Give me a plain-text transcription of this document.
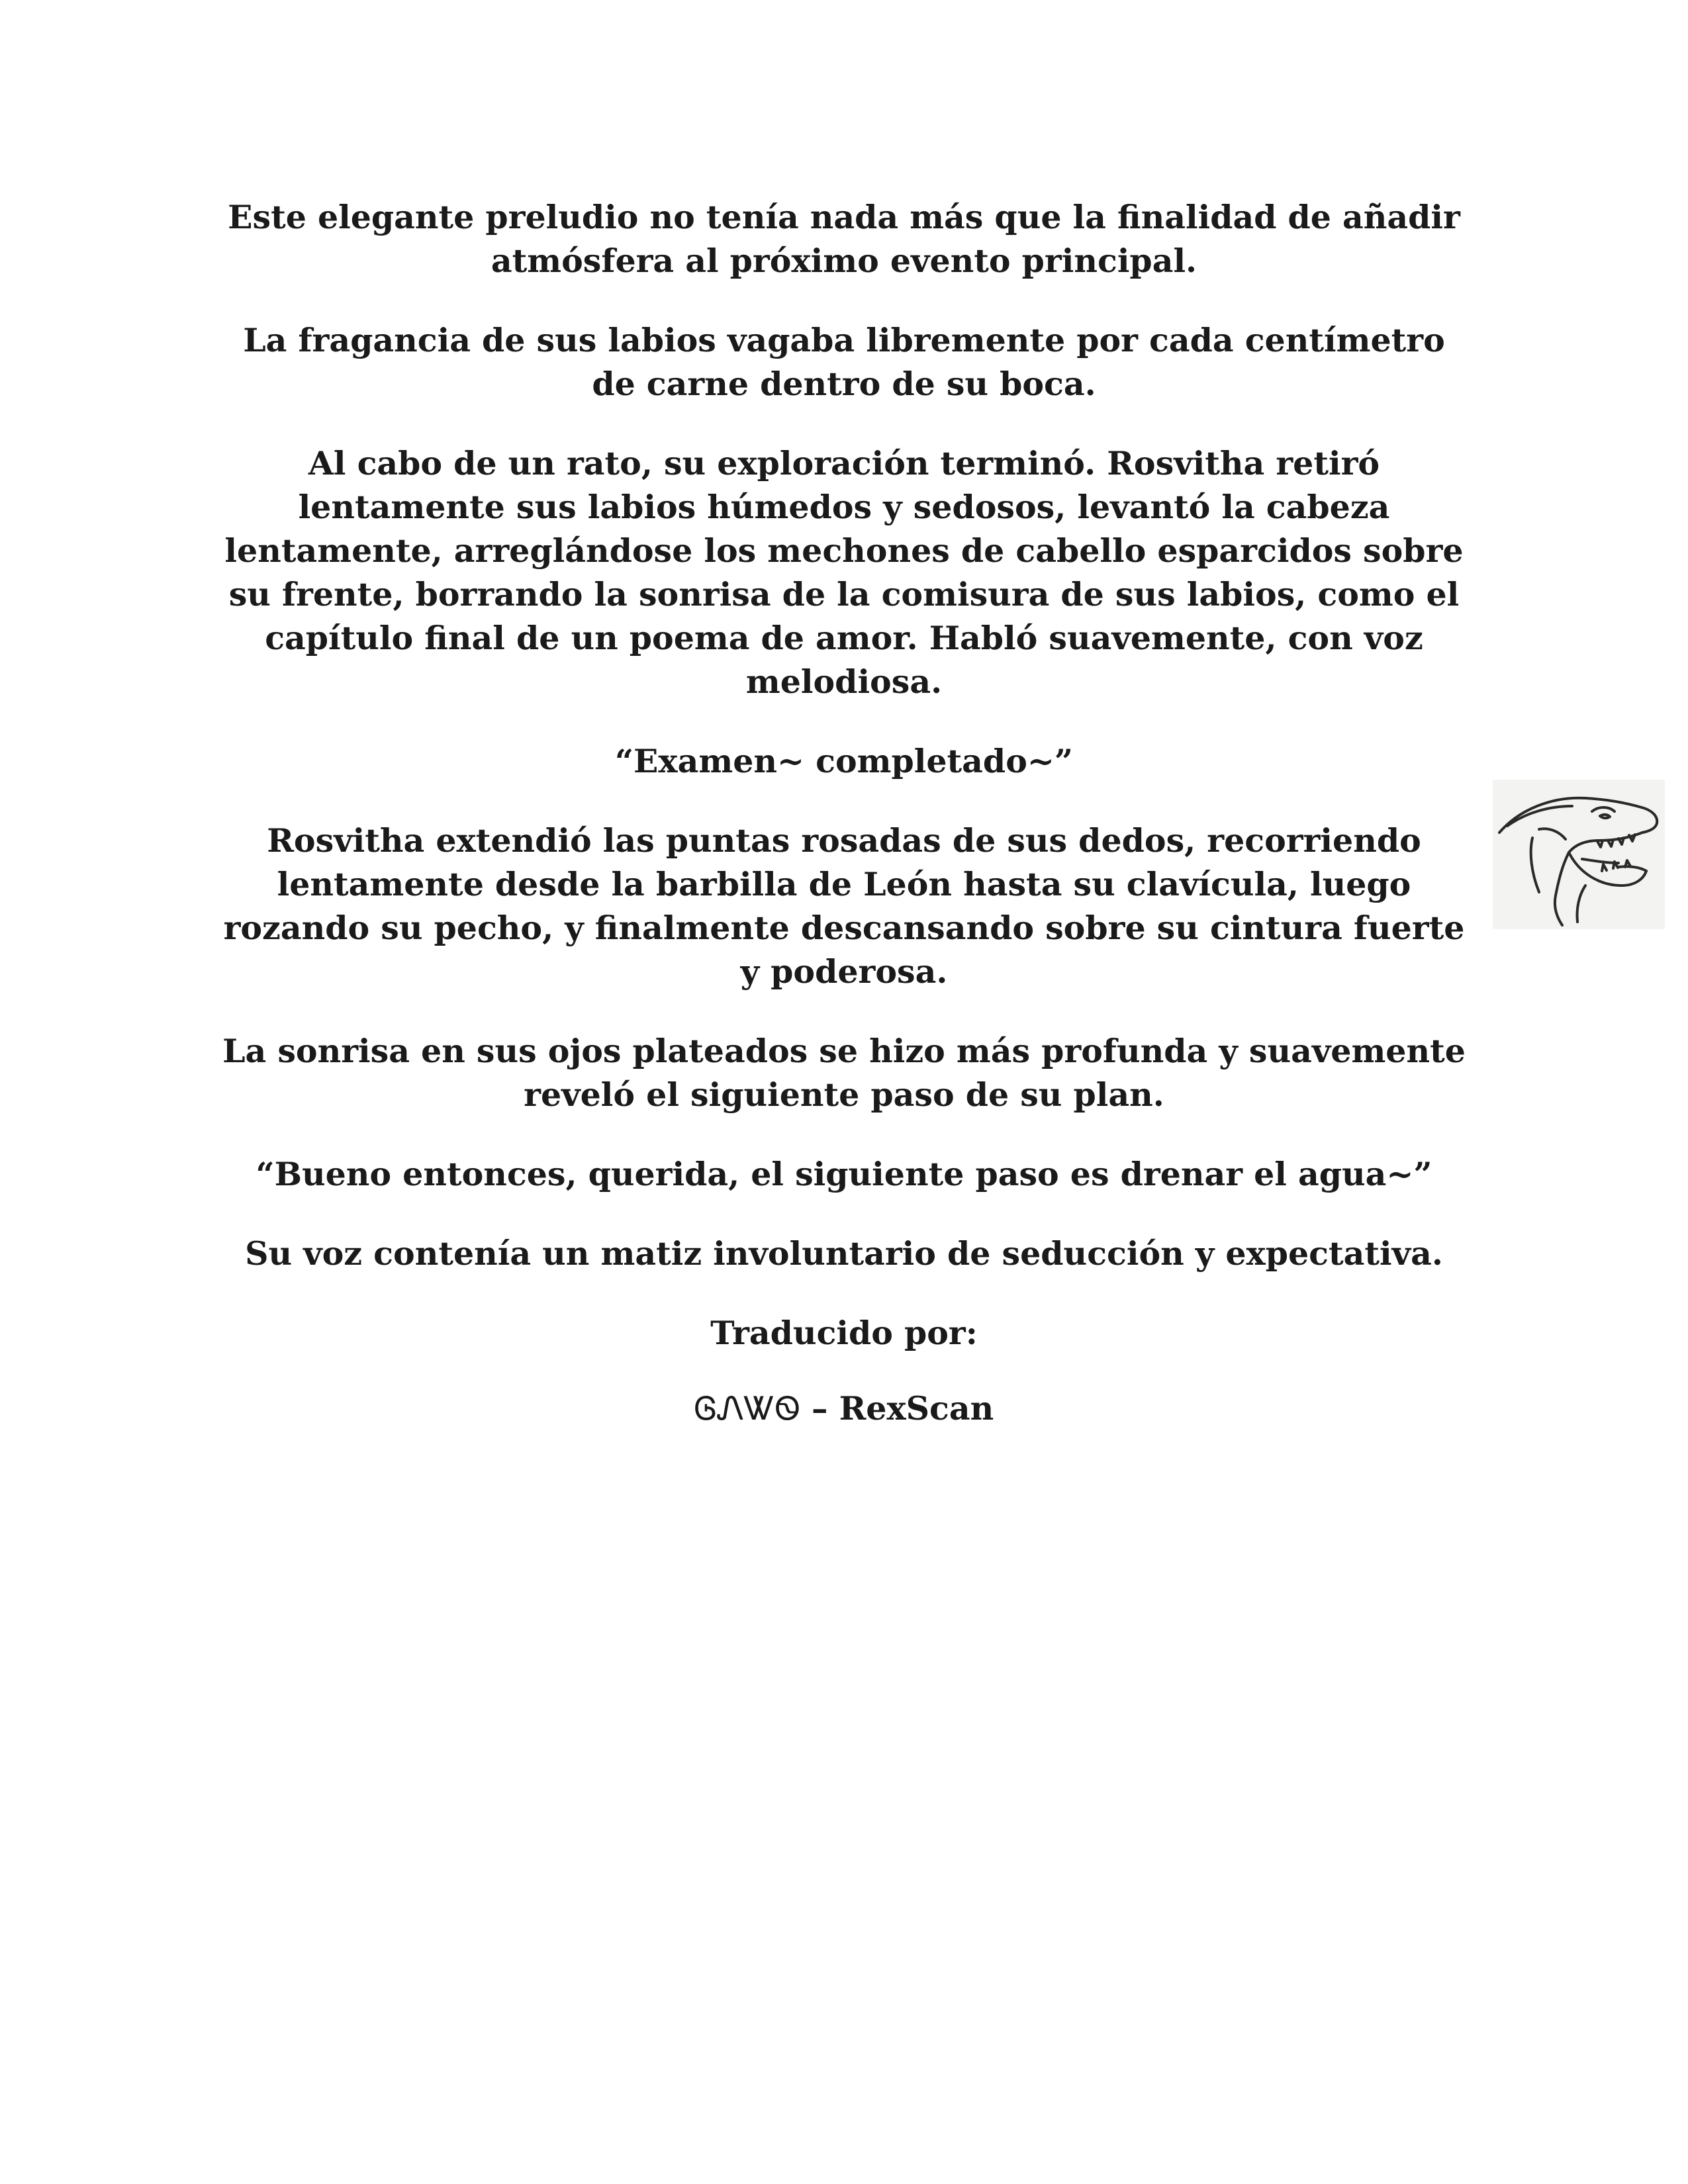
Este elegante preludio no tenía nada más que la finalidad de añadir atmósfera al próximo evento principal.

La fragancia de sus labios vagaba libremente por cada centímetro de carne dentro de su boca.

Al cabo de un rato, su exploración terminó. Rosvitha retiró lentamente sus labios húmedos y sedosos, levantó la cabeza lentamente, arreglándose los mechones de cabello esparcidos sobre su frente, borrando la sonrisa de la comisura de sus labios, como el capítulo final de un poema de amor. Habló suavemente, con voz melodiosa.

“Examen~ completado~”

Rosvitha extendió las puntas rosadas de sus dedos, recorriendo lentamente desde la barbilla de León hasta su clavícula, luego rozando su pecho, y finalmente descansando sobre su cintura fuerte y poderosa.

La sonrisa en sus ojos plateados se hizo más profunda y suavemente reveló el siguiente paso de su plan.

“Bueno entonces, querida, el siguiente paso es drenar el agua~”

Su voz contenía un matiz involuntario de seducción y expectativa.

Traducido por:

ᎶᏁᏔᏫ – RexScan
